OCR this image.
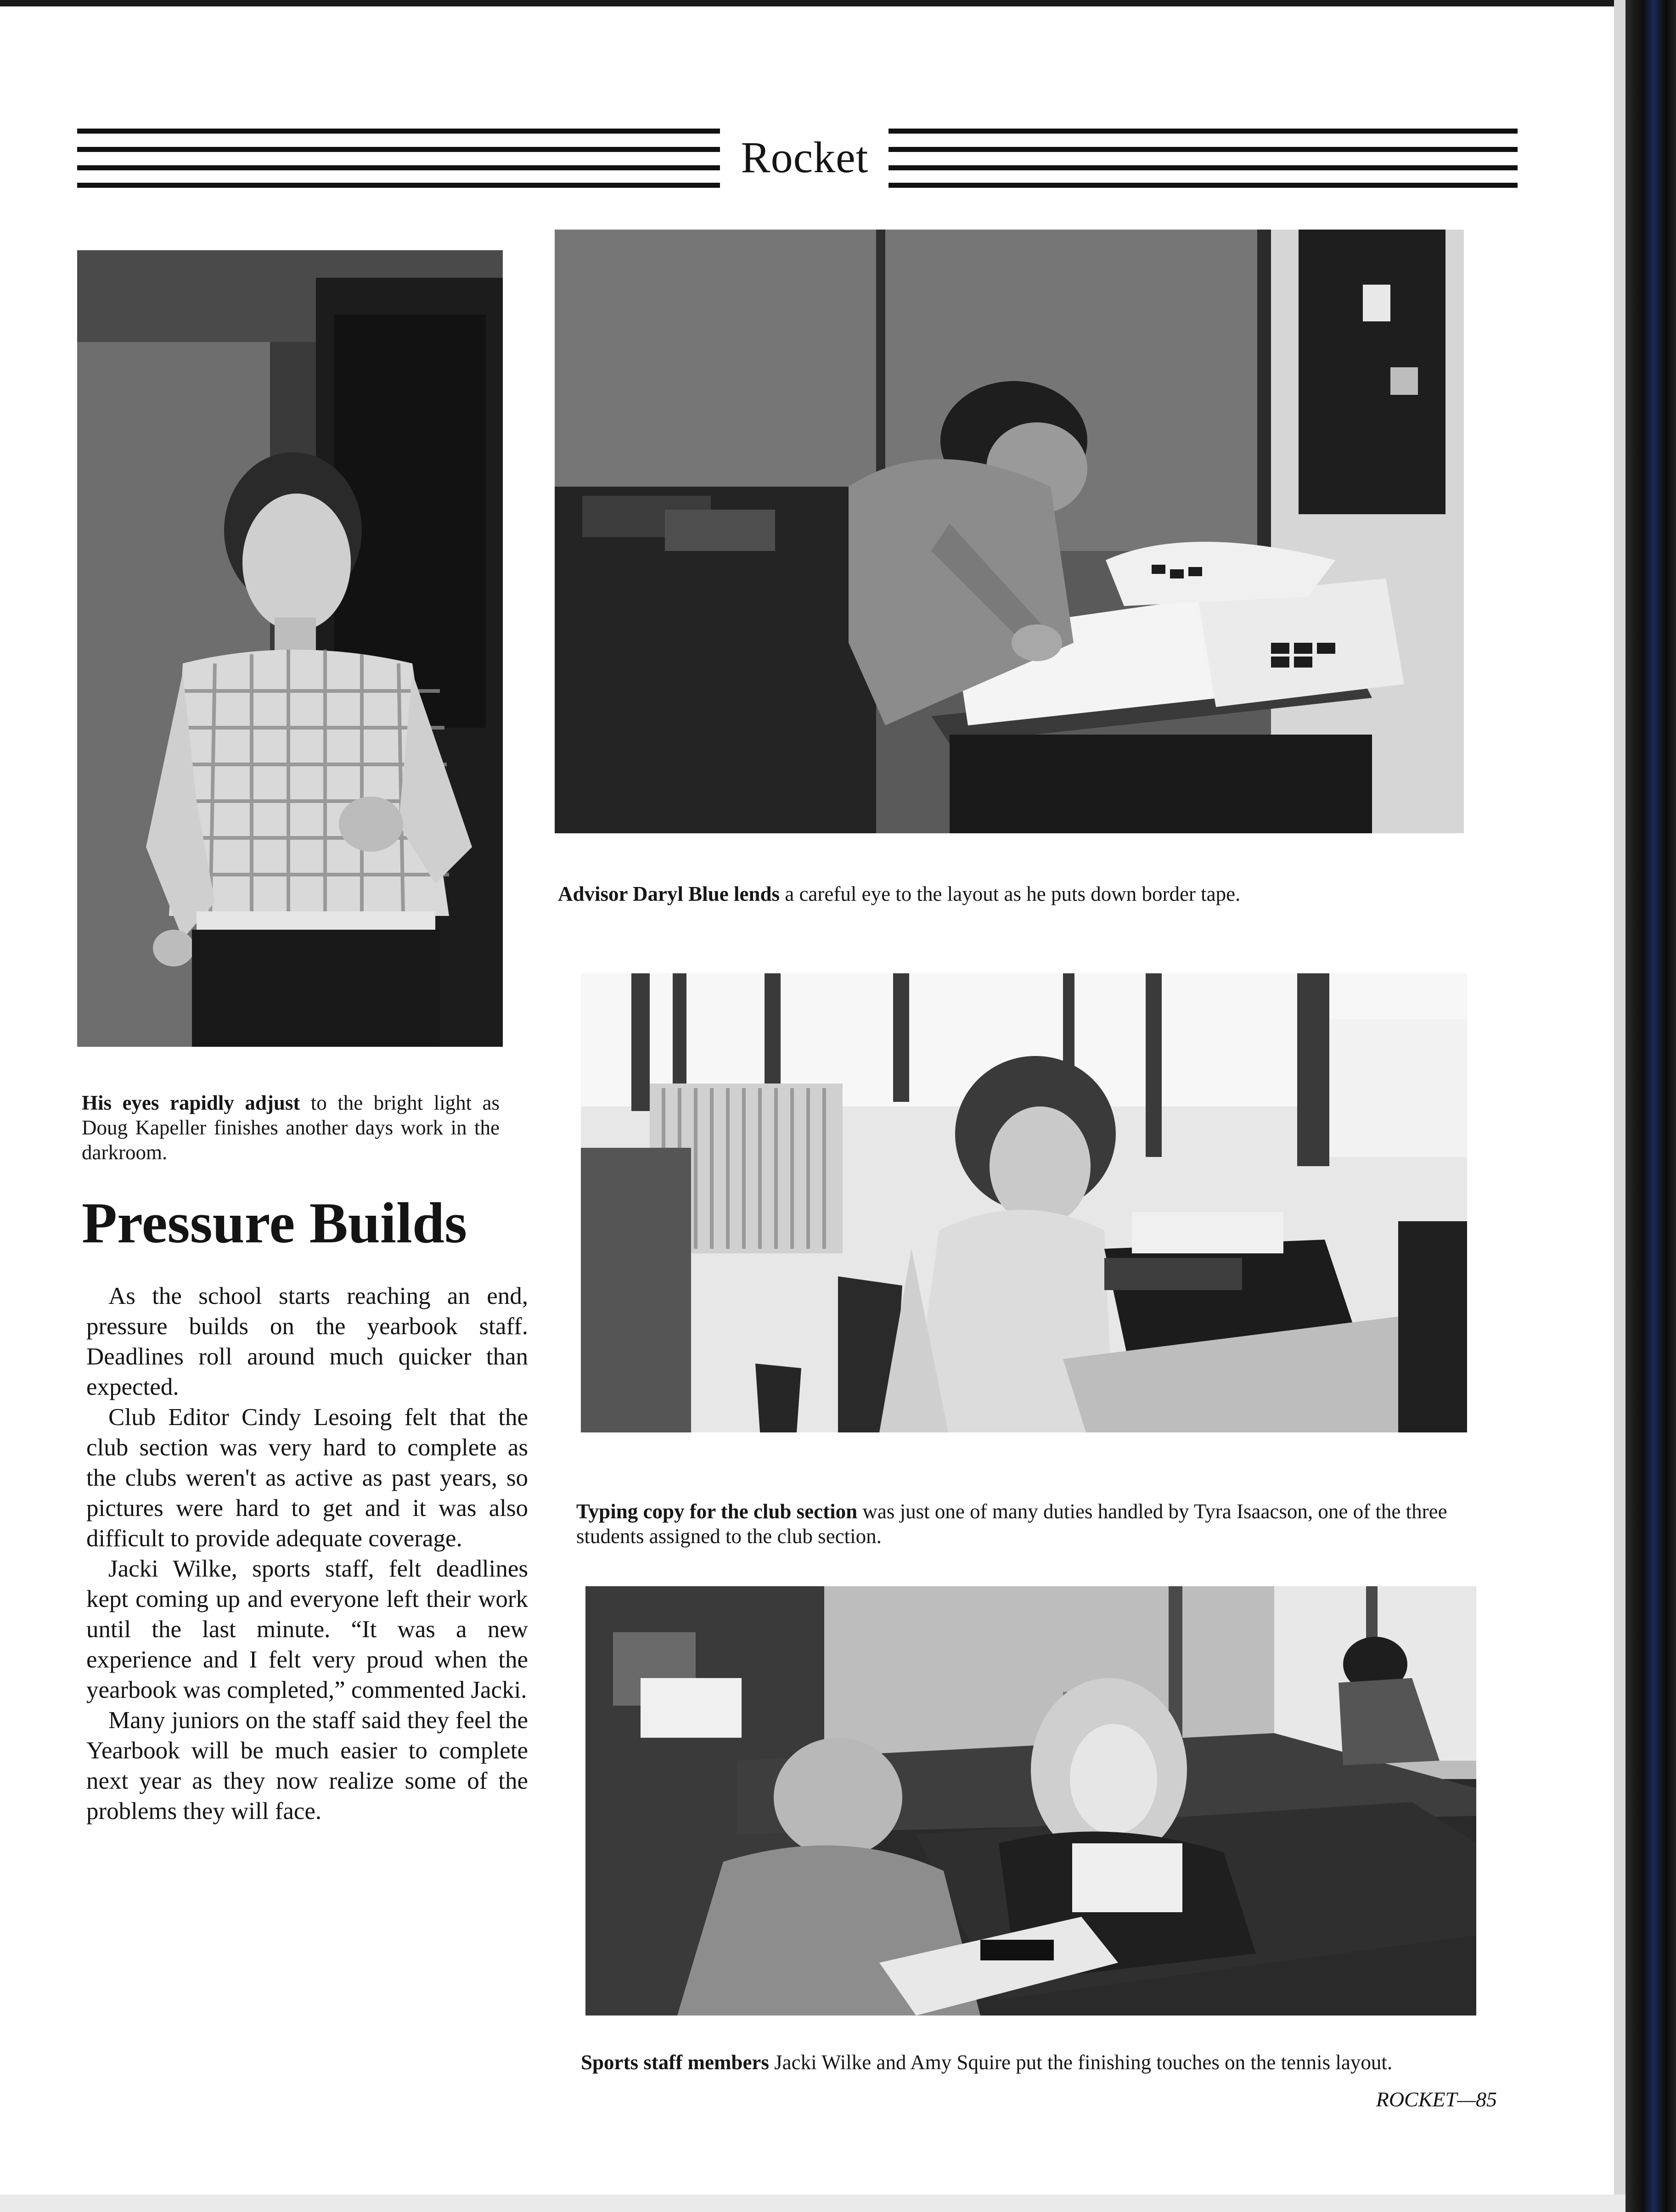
Rocket
Advisor Daryl Blue lends a careful eye to the layout as he puts down border tape.
His eyes rapidly adjust to the bright light as Doug Kapeller finishes another days work in the darkroom.
Pressure Builds

As the school starts reaching an end, pressure builds on the yearbook staff. Deadlines roll around much quicker than expected.

Club Editor Cindy Lesoing felt that the club section was very hard to complete as the clubs weren't as active as past years, so pictures were hard to get and it was also difficult to provide adequate coverage.

Jacki Wilke, sports staff, felt deadlines kept coming up and everyone left their work until the last minute. “It was a new experience and I felt very proud when the yearbook was completed,” commented Jacki.

Many juniors on the staff said they feel the Yearbook will be much easier to complete next year as they now realize some of the problems they will face.

Typing copy for the club section was just one of many duties handled by Tyra Isaacson, one of the three students assigned to the club section.
Sports staff members Jacki Wilke and Amy Squire put the finishing touches on the tennis layout.
ROCKET—85
